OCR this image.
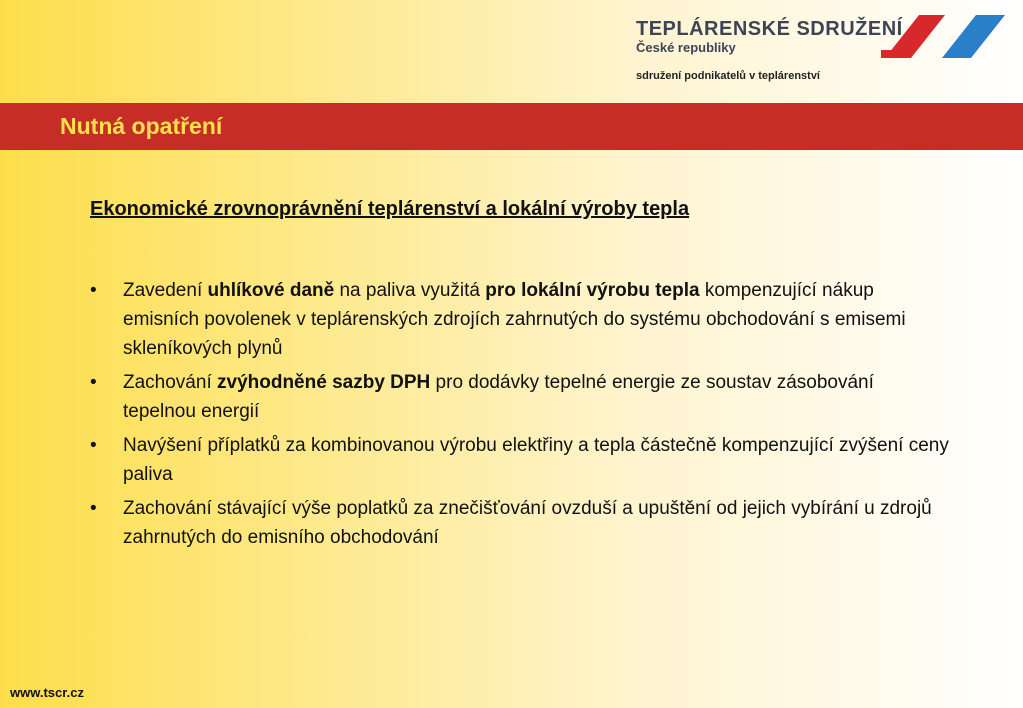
TEPLÁRENSKÉ SDRUŽENÍ
České republiky
sdružení podnikatelů v teplárenství
Nutná opatření
Ekonomické zrovnoprávnění teplárenství a lokální výroby tepla
• Zavedení uhlíkové daně na paliva využitá pro lokální výrobu tepla kompenzující nákup emisních povolenek v teplárenských zdrojích zahrnutých do systému obchodování s emisemi skleníkových plynů
• Zachování zvýhodněné sazby DPH pro dodávky tepelné energie ze soustav zásobování tepelnou energií
• Navýšení příplatků za kombinovanou výrobu elektřiny a tepla částečně kompenzující zvýšení ceny paliva
• Zachování stávající výše poplatků za znečišťování ovzduší a upuštění od jejich vybírání u zdrojů zahrnutých do emisního obchodování
www.tscr.cz
